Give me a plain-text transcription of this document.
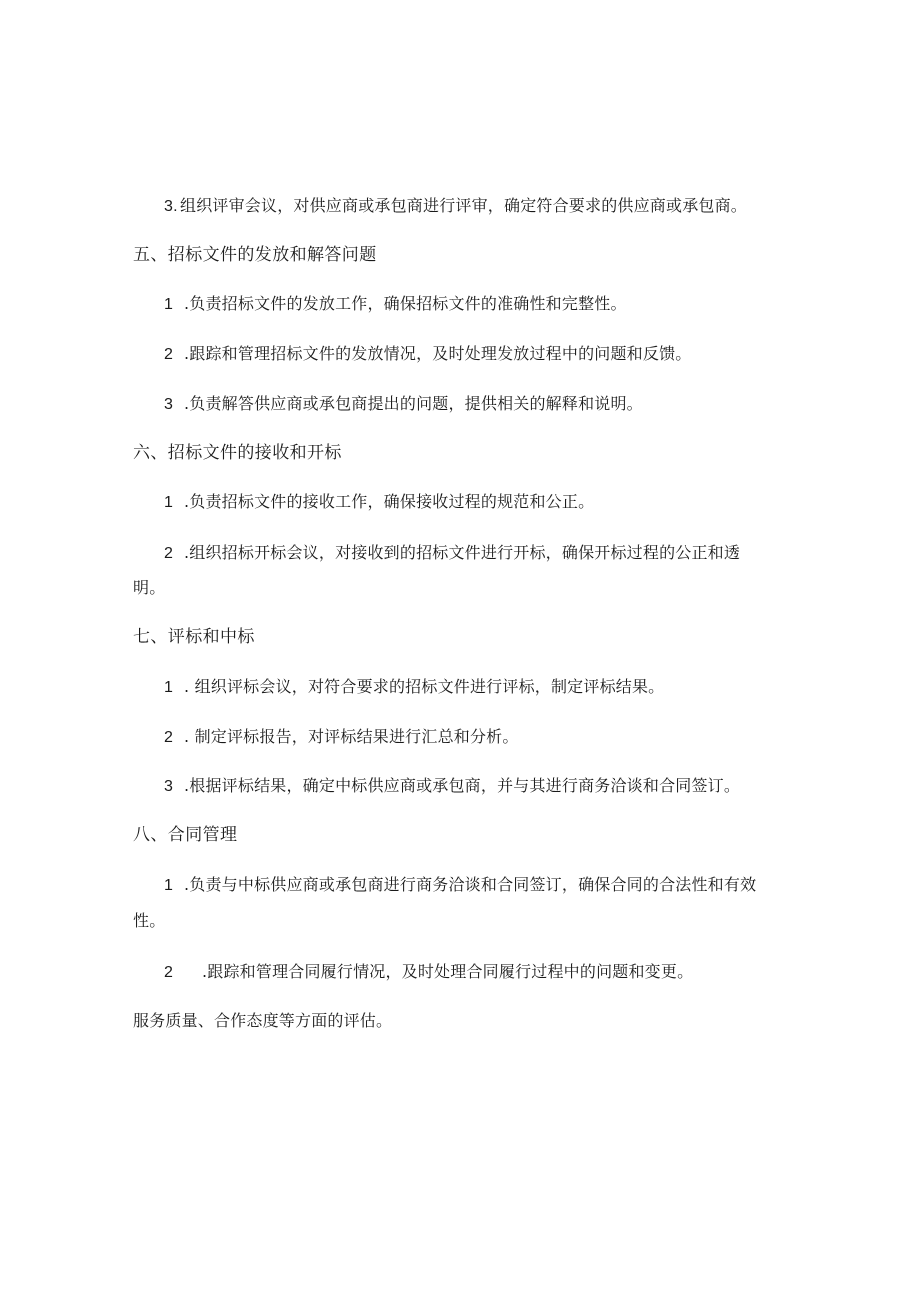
3. 组织评审会议，对供应商或承包商进行评审，确定符合要求的供应商或承包商。
五、招标文件的发放和解答问题
1 .负责招标文件的发放工作，确保招标文件的准确性和完整性。
2 .跟踪和管理招标文件的发放情况，及时处理发放过程中的问题和反馈。
3 .负责解答供应商或承包商提出的问题，提供相关的解释和说明。
六、招标文件的接收和开标
1 .负责招标文件的接收工作，确保接收过程的规范和公正。
2 .组织招标开标会议，对接收到的招标文件进行开标，确保开标过程的公正和透
明。
七、评标和中标
1 . 组织评标会议，对符合要求的招标文件进行评标，制定评标结果。
2 . 制定评标报告，对评标结果进行汇总和分析。
3 .根据评标结果，确定中标供应商或承包商，并与其进行商务洽谈和合同签订。
八、合同管理
1 .负责与中标供应商或承包商进行商务洽谈和合同签订，确保合同的合法性和有效
性。
2 .跟踪和管理合同履行情况，及时处理合同履行过程中的问题和变更。
服务质量、合作态度等方面的评估。
